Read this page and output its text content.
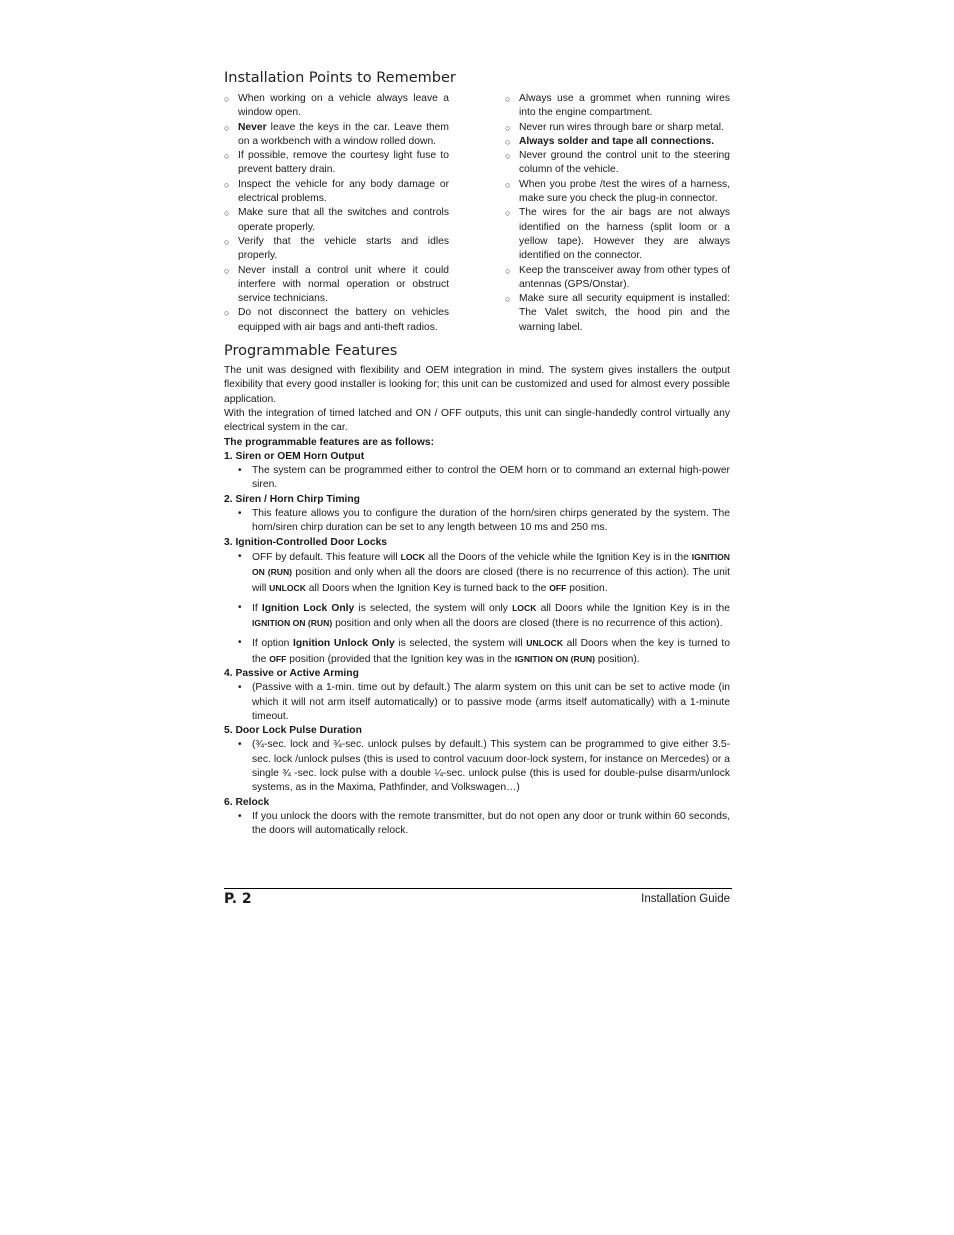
Installation Points to Remember
○ When working on a vehicle always leave a window open.
○ Never leave the keys in the car. Leave them on a workbench with a window rolled down.
○ If possible, remove the courtesy light fuse to prevent battery drain.
○ Inspect the vehicle for any body damage or electrical problems.
○ Make sure that all the switches and controls operate properly.
○ Verify that the vehicle starts and idles properly.
○ Never install a control unit where it could interfere with normal operation or obstruct service technicians.
○ Do not disconnect the battery on vehicles equipped with air bags and anti-theft radios.
○ Always use a grommet when running wires into the engine compartment.
○ Never run wires through bare or sharp metal.
○ Always solder and tape all connections.
○ Never ground the control unit to the steering column of the vehicle.
○ When you probe /test the wires of a harness, make sure you check the plug-in connector.
○ The wires for the air bags are not always identified on the harness (split loom or a yellow tape). However they are always identified on the connector.
○ Keep the transceiver away from other types of antennas (GPS/Onstar).
○ Make sure all security equipment is installed: The Valet switch, the hood pin and the warning label.
Programmable Features

The unit was designed with flexibility and OEM integration in mind. The system gives installers the output flexibility that every good installer is looking for; this unit can be customized and used for almost every possible application.

With the integration of timed latched and ON / OFF outputs, this unit can single-handedly control virtually any electrical system in the car.

The programmable features are as follows:

1. Siren or OEM Horn Output
• The system can be programmed either to control the OEM horn or to command an external high-power siren.
2. Siren / Horn Chirp Timing
• This feature allows you to configure the duration of the horn/siren chirps generated by the system. The horn/siren chirp duration can be set to any length between 10 ms and 250 ms.
3. Ignition-Controlled Door Locks
• OFF by default. This feature will LOCK all the Doors of the vehicle while the Ignition Key is in the IGNITION ON (RUN) position and only when all the doors are closed (there is no recurrence of this action). The unit will UNLOCK all Doors when the Ignition Key is turned back to the OFF position.
• If Ignition Lock Only is selected, the system will only LOCK all Doors while the Ignition Key is in the IGNITION ON (RUN) position and only when all the doors are closed (there is no recurrence of this action).
• If option Ignition Unlock Only is selected, the system will UNLOCK all Doors when the key is turned to the OFF position (provided that the Ignition key was in the IGNITION ON (RUN) position).
4. Passive or Active Arming
• (Passive with a 1-min. time out by default.) The alarm system on this unit can be set to active mode (in which it will not arm itself automatically) or to passive mode (arms itself automatically) with a 1-minute timeout.
5. Door Lock Pulse Duration
• (¾-sec. lock and ¾-sec. unlock pulses by default.) This system can be programmed to give either 3.5-sec. lock /unlock pulses (this is used to control vacuum door-lock system, for instance on Mercedes) or a single ¾ -sec. lock pulse with a double ¼-sec. unlock pulse (this is used for double-pulse disarm/unlock systems, as in the Maxima, Pathfinder, and Volkswagen…)
6. Relock
• If you unlock the doors with the remote transmitter, but do not open any door or trunk within 60 seconds, the doors will automatically relock.
P. 2	Installation Guide
